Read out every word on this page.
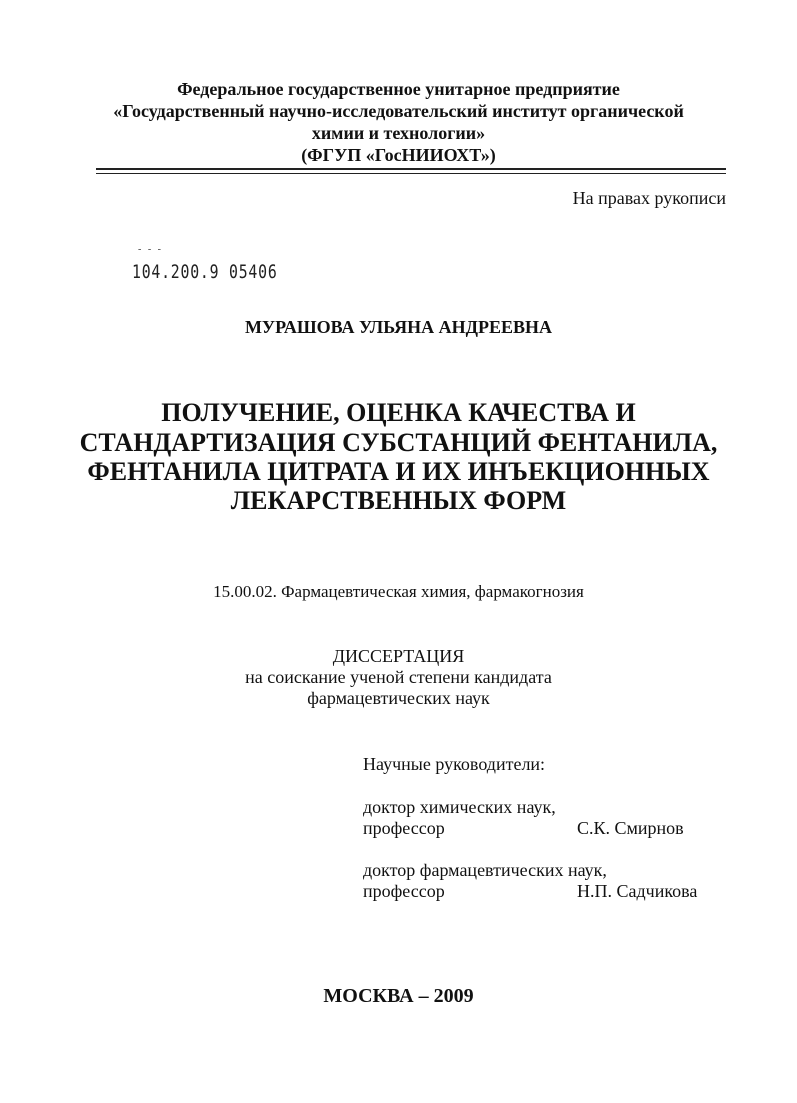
Федеральное государственное унитарное предприятие
«Государственный научно-исследовательский институт органической
химии и технологии»
(ФГУП «ГосНИИОХТ»)
На правах рукописи
- - -
104.200.9 05406
МУРАШОВА УЛЬЯНА АНДРЕЕВНА
ПОЛУЧЕНИЕ, ОЦЕНКА КАЧЕСТВА И
СТАНДАРТИЗАЦИЯ СУБСТАНЦИЙ ФЕНТАНИЛА,
ФЕНТАНИЛА ЦИТРАТА И ИХ ИНЪЕКЦИОННЫХ
ЛЕКАРСТВЕННЫХ ФОРМ
15.00.02. Фармацевтическая химия, фармакогнозия
ДИССЕРТАЦИЯ
на соискание ученой степени кандидата
фармацевтических наук
Научные руководители:
доктор химических наук,
профессор	С.К. Смирнов
доктор фармацевтических наук,
профессор	Н.П. Садчикова
МОСКВА – 2009
